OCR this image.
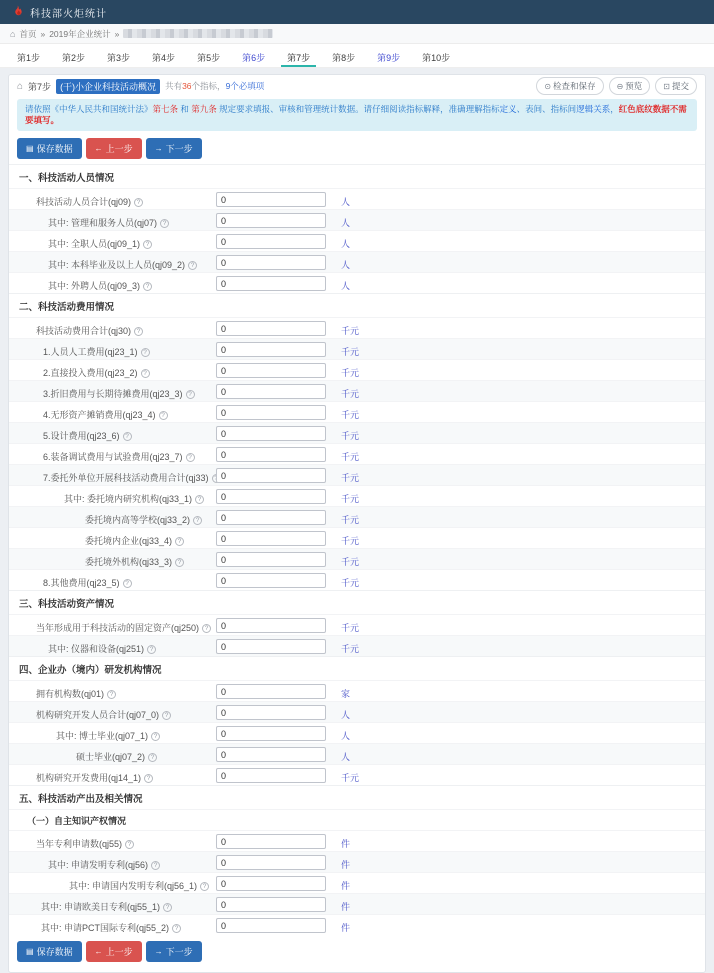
科技部火炬统计
⌂ 首页 » 2019年企业统计 »
第1步	第2步	第3步	第4步	第5步	第6步	第7步	第8步	第9步	第10步
⌂ 第7步	(干)小企业科技活动概况	共有36个指标，9个必填项	⊙ 检查和保存	⊖ 预览	⊡ 提交
请依照《中华人民共和国统计法》第七条 和 第九条 规定要求填报、审核和管理统计数据。请仔细阅读指标解释，准确理解指标定义、表间、指标间逻辑关系，红色底纹数据不需要填写。
▤ 保存数据	← 上一步	→ 下一步
一、科技活动人员情况
科技活动人员合计(qj09) ?
0	人
其中: 管理和服务人员(qj07) ?
0	人
其中: 全职人员(qj09_1) ?
0	人
其中: 本科毕业及以上人员(qj09_2) ?
0	人
其中: 外聘人员(qj09_3) ?
0	人
二、科技活动费用情况
科技活动费用合计(qj30) ?
0	千元
1.人员人工费用(qj23_1) ?
0	千元
2.直接投入费用(qj23_2) ?
0	千元
3.折旧费用与长期待摊费用(qj23_3) ?
0	千元
4.无形资产摊销费用(qj23_4) ?
0	千元
5.设计费用(qj23_6) ?
0	千元
6.装备调试费用与试验费用(qj23_7) ?
0	千元
7.委托外单位开展科技活动费用合计(qj33)
0	千元
其中: 委托境内研究机构(qj33_1) ?
0	千元
委托境内高等学校(qj33_2) ?
0	千元
委托境内企业(qj33_4) ?
0	千元
委托境外机构(qj33_3) ?
0	千元
8.其他费用(qj23_5) ?
0	千元
三、科技活动资产情况
当年形成用于科技活动的固定资产(qj250) ?
0	千元
其中: 仪器和设备(qj251) ?
0	千元
四、企业办（境内）研发机构情况
拥有机构数(qj01) ?
0	家
机构研究开发人员合计(qj07_0) ?
0	人
其中: 博士毕业(qj07_1) ?
0	人
硕士毕业(qj07_2) ?
0	人
机构研究开发费用(qj14_1) ?
0	千元
五、科技活动产出及相关情况
（一）自主知识产权情况
当年专利申请数(qj55) ?
0	件
其中: 申请发明专利(qj56) ?
0	件
其中: 申请国内发明专利(qj56_1) ?
0	件
其中: 申请欧美日专利(qj55_1) ?
0	件
其中: 申请PCT国际专利(qj55_2) ?
0	件
▤ 保存数据	← 上一步	→ 下一步
